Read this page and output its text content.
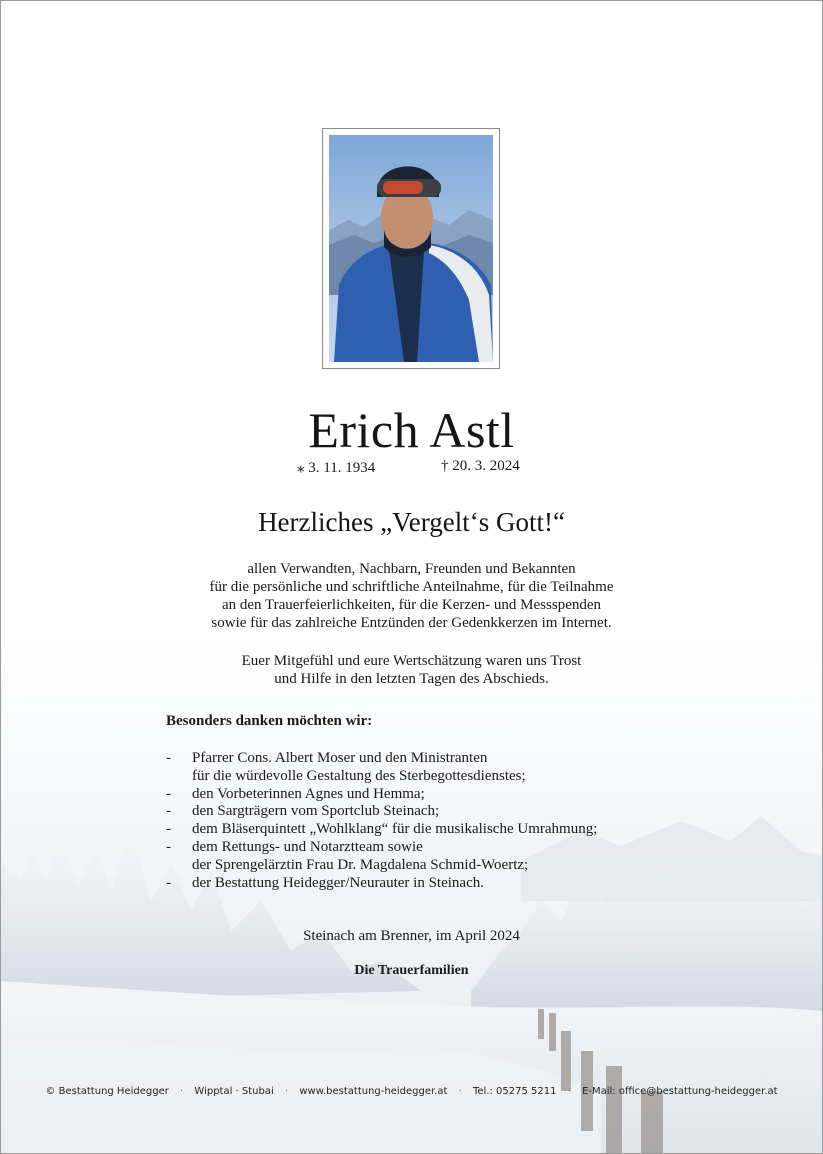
Erich Astl
⁎ 3. 11. 1934	† 20. 3. 2024
Herzliches „Vergelt‘s Gott!“
allen Verwandten, Nachbarn, Freunden und Bekannten
für die persönliche und schriftliche Anteilnahme, für die Teilnahme
an den Trauerfeierlichkeiten, für die Kerzen- und Messspenden
sowie für das zahlreiche Entzünden der Gedenkkerzen im Internet.
Euer Mitgefühl und eure Wertschätzung waren uns Trost
und Hilfe in den letzten Tagen des Abschieds.
Besonders danken möchten wir:
- Pfarrer Cons. Albert Moser und den Ministranten
für die würdevolle Gestaltung des Sterbegottesdienstes;
- den Vorbeterinnen Agnes und Hemma;
- den Sargträgern vom Sportclub Steinach;
- dem Bläserquintett „Wohlklang“ für die musikalische Umrahmung;
- dem Rettungs- und Notarztteam sowie
der Sprengelärztin Frau Dr. Magdalena Schmid-Woertz;
- der Bestattung Heidegger/Neurauter in Steinach.
Steinach am Brenner, im April 2024
Die Trauerfamilien
© Bestattung Heidegger · Wipptal · Stubai · www.bestattung-heidegger.at · Tel.: 05275 5211 · E-Mail: office@bestattung-heidegger.at
